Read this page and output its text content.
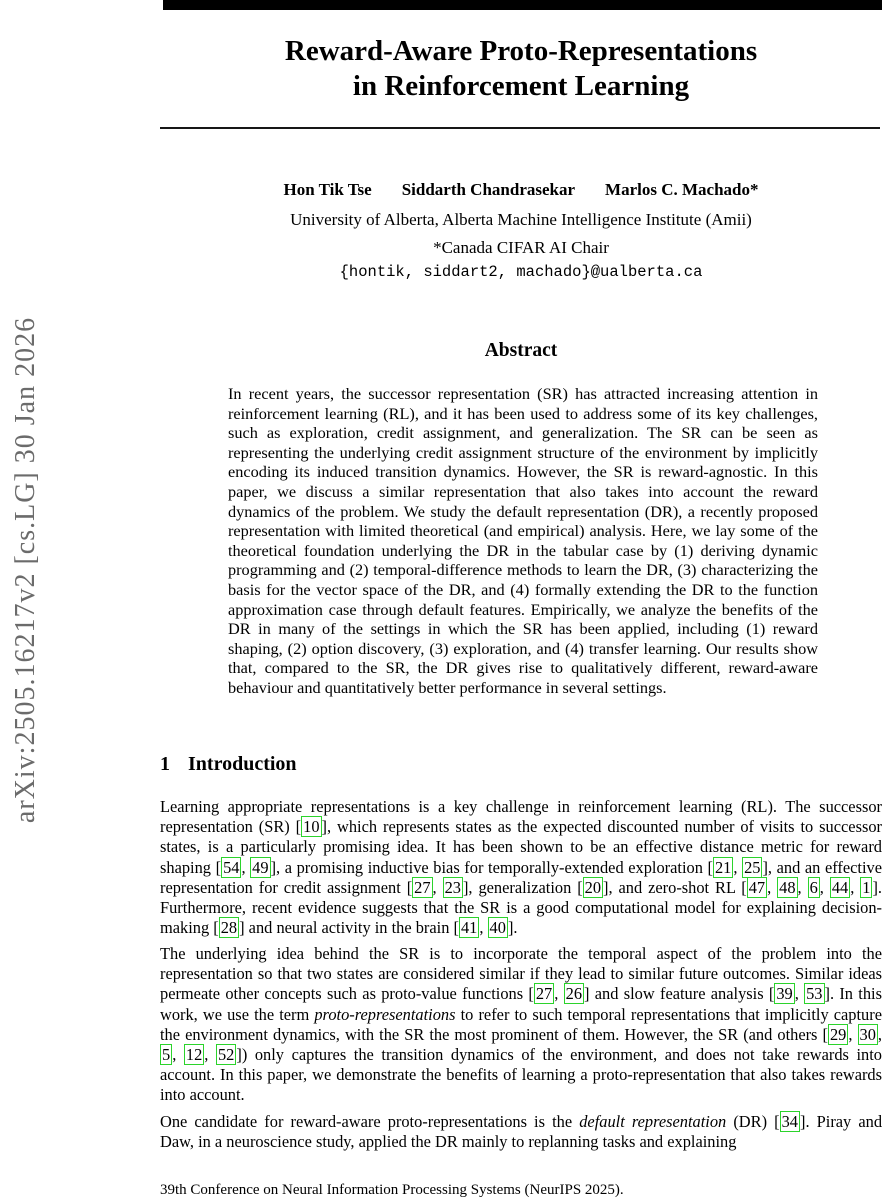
arXiv:2505.16217v2 [cs.LG] 30 Jan 2026
Reward-Aware Proto-Representations
in Reinforcement Learning
Hon Tik Tse Siddarth Chandrasekar Marlos C. Machado*
University of Alberta, Alberta Machine Intelligence Institute (Amii)
*Canada CIFAR AI Chair
{hontik, siddart2, machado}@ualberta.ca
Abstract
In recent years, the successor representation (SR) has attracted increasing attention in reinforcement learning (RL), and it has been used to address some of its key challenges, such as exploration, credit assignment, and generalization. The SR can be seen as representing the underlying credit assignment structure of the environment by implicitly encoding its induced transition dynamics. However, the SR is reward-agnostic. In this paper, we discuss a similar representation that also takes into account the reward dynamics of the problem. We study the default representation (DR), a recently proposed representation with limited theoretical (and empirical) analysis. Here, we lay some of the theoretical foundation underlying the DR in the tabular case by (1) deriving dynamic programming and (2) temporal-difference methods to learn the DR, (3) characterizing the basis for the vector space of the DR, and (4) formally extending the DR to the function approximation case through default features. Empirically, we analyze the benefits of the DR in many of the settings in which the SR has been applied, including (1) reward shaping, (2) option discovery, (3) exploration, and (4) transfer learning. Our results show that, compared to the SR, the DR gives rise to qualitatively different, reward-aware behaviour and quantitatively better performance in several settings.
1 Introduction
Learning appropriate representations is a key challenge in reinforcement learning (RL). The successor representation (SR) [ 10 ], which represents states as the expected discounted number of visits to successor states, is a particularly promising idea. It has been shown to be an effective distance metric for reward shaping [ 54 , 49 ], a promising inductive bias for temporally-extended exploration [ 21 , 25 ], and an effective representation for credit assignment [ 27 , 23 ], generalization [ 20 ], and zero-shot RL [ 47 , 48 , 6 , 44 , 1 ]. Furthermore, recent evidence suggests that the SR is a good computational model for explaining decision-making [ 28 ] and neural activity in the brain [ 41 , 40 ].
The underlying idea behind the SR is to incorporate the temporal aspect of the problem into the representation so that two states are considered similar if they lead to similar future outcomes. Similar ideas permeate other concepts such as proto-value functions [ 27 , 26 ] and slow feature analysis [ 39 , 53 ]. In this work, we use the term proto-representations to refer to such temporal representations that implicitly capture the environment dynamics, with the SR the most prominent of them. However, the SR (and others [ 29 , 30 , 5 , 12 , 52 ]) only captures the transition dynamics of the environment, and does not take rewards into account. In this paper, we demonstrate the benefits of learning a proto-representation that also takes rewards into account.
One candidate for reward-aware proto-representations is the default representation (DR) [ 34 ]. Piray and Daw, in a neuroscience study, applied the DR mainly to replanning tasks and explaining
39th Conference on Neural Information Processing Systems (NeurIPS 2025).
